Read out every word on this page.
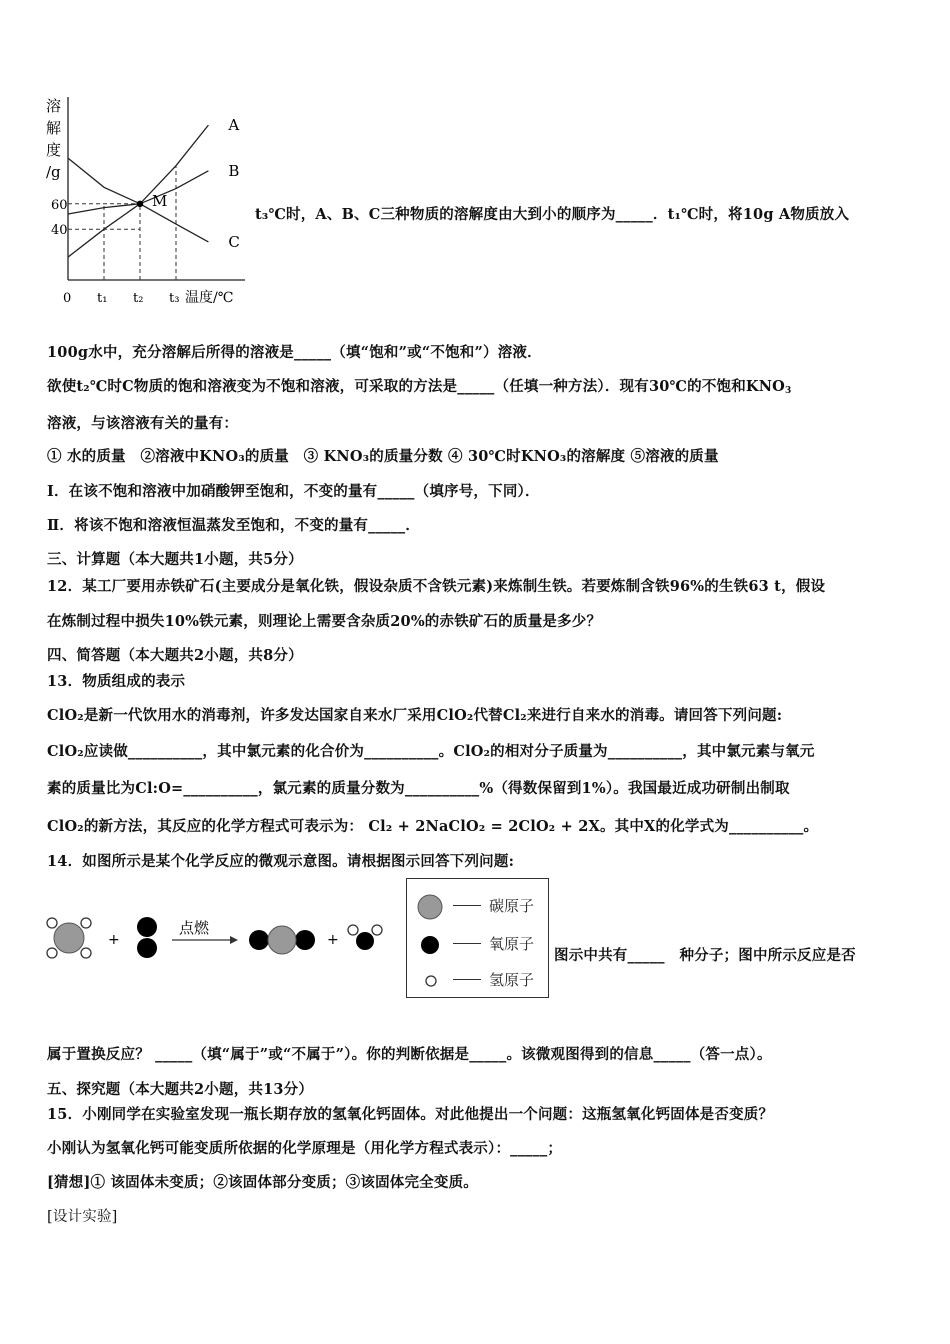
溶
解
度
/g
40
60
t₁ t₂ t₃
0	温度/℃
A
B
C
M
t₃℃时，A、B、C三种物质的溶解度由大到小的顺序为_____．t₁℃时，将10g A物质放入
100g水中，充分溶解后所得的溶液是_____（填“饱和”或“不饱和”）溶液．
欲使t₂℃时C物质的饱和溶液变为不饱和溶液，可采取的方法是_____（任填一种方法）．现有30℃的不饱和$KNO_3$
溶液，与该溶液有关的量有：
① 水的质量　②溶液中KNO₃的质量　③ KNO₃的质量分数 ④ 30℃时KNO₃的溶解度 ⑤溶液的质量
Ⅰ．在该不饱和溶液中加硝酸钾至饱和，不变的量有_____（填序号，下同）．
Ⅱ．将该不饱和溶液恒温蒸发至饱和，不变的量有_____．
三、计算题（本大题共1小题，共5分）
12．某工厂要用赤铁矿石(主要成分是氧化铁，假设杂质不含铁元素)来炼制生铁。若要炼制含铁96%的生铁63 t，假设
在炼制过程中损失10%铁元素，则理论上需要含杂质20%的赤铁矿石的质量是多少？
四、简答题（本大题共2小题，共8分）
13．物质组成的表示
ClO₂是新一代饮用水的消毒剂，许多发达国家自来水厂采用ClO₂代替Cl₂来进行自来水的消毒。请回答下列问题:
ClO₂应读做__________，其中氯元素的化合价为__________。ClO₂的相对分子质量为__________，其中氯元素与氧元
素的质量比为Cl:O=__________，氯元素的质量分数为__________%（得数保留到1%）。我国最近成功研制出制取
ClO₂的新方法，其反应的化学方程式可表示为： Cl₂ + 2NaClO₂ = 2ClO₂ + 2X。其中X的化学式为__________。
14．如图所示是某个化学反应的微观示意图。请根据图示回答下列问题:
+
点燃
+
碳原子
氧原子
氢原子
图示中共有_____　种分子；图中所示反应是否
属于置换反应？ _____（填“属于”或“不属于”）。你的判断依据是_____。该微观图得到的信息_____（答一点）。
五、探究题（本大题共2小题，共13分）
15．小刚同学在实验室发现一瓶长期存放的氢氧化钙固体。对此他提出一个问题：这瓶氢氧化钙固体是否变质？
小刚认为氢氧化钙可能变质所依据的化学原理是（用化学方程式表示）：_____；
[猜想]① 该固体未变质；②该固体部分变质；③该固体完全变质。
[设计实验]
